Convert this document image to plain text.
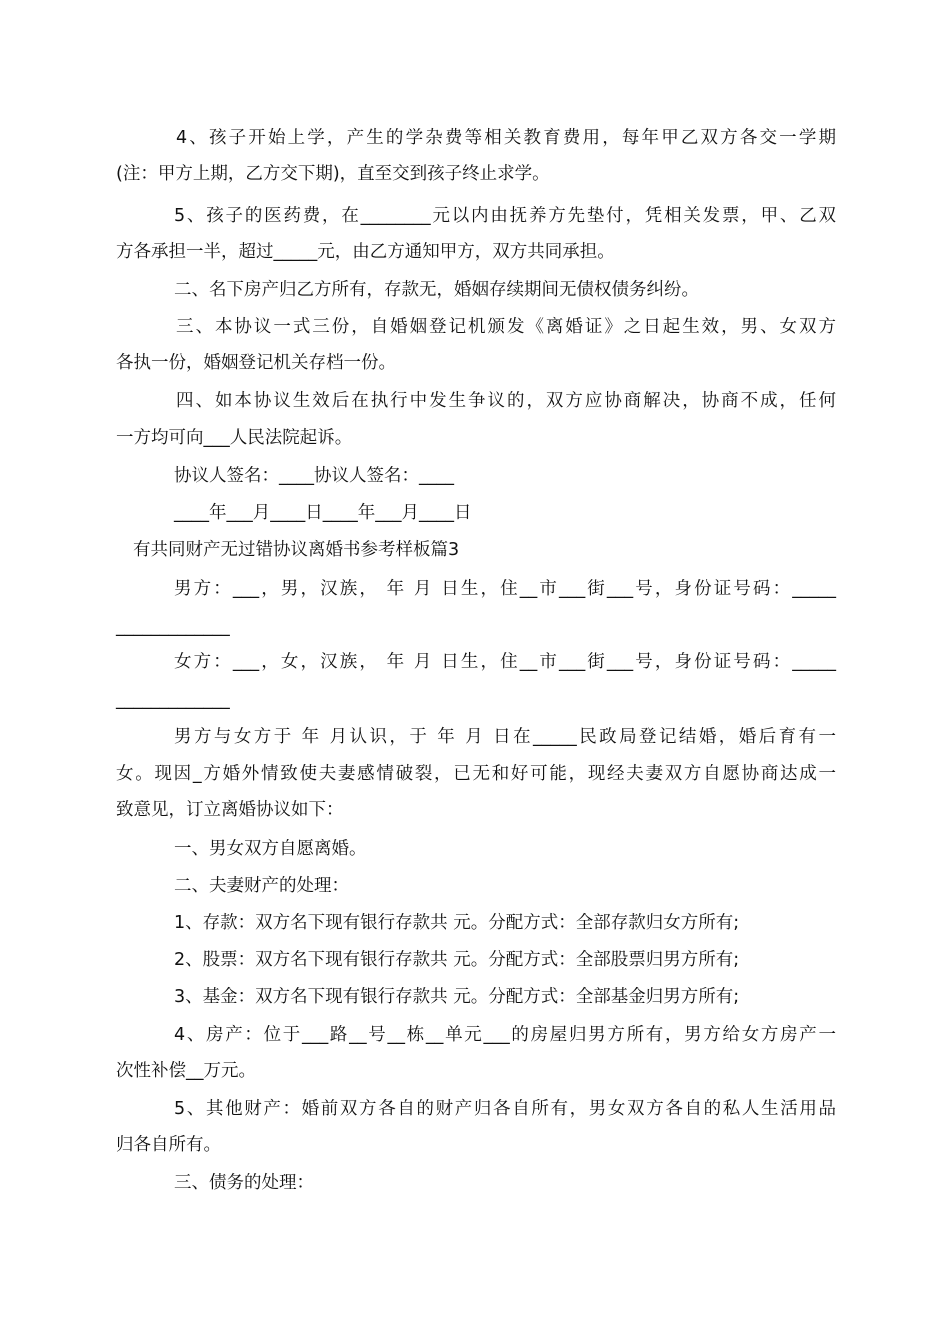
4、孩子开始上学，产生的学杂费等相关教育费用，每年甲乙双方各交一学期
(注：甲方上期，乙方交下期)，直至交到孩子终止求学。
5、孩子的医药费，在________元以内由抚养方先垫付，凭相关发票，甲、乙双
方各承担一半，超过_____元，由乙方通知甲方，双方共同承担。
二、名下房产归乙方所有，存款无，婚姻存续期间无债权债务纠纷。
三、本协议一式三份，自婚姻登记机颁发《离婚证》之日起生效，男、女双方
各执一份，婚姻登记机关存档一份。
四、如本协议生效后在执行中发生争议的，双方应协商解决，协商不成，任何
一方均可向___人民法院起诉。
协议人签名：____协议人签名：____
____年___月____日____年___月____日
有共同财产无过错协议离婚书参考样板篇3
男方：___，男，汉族， 年 月 日生，住__市___街___号，身份证号码：_____
_____________
女方：___，女，汉族， 年 月 日生，住__市___街___号，身份证号码：_____
_____________
男方与女方于 年 月认识，于 年 月 日在_____民政局登记结婚，婚后育有一
女。现因_方婚外情致使夫妻感情破裂，已无和好可能，现经夫妻双方自愿协商达成一
致意见，订立离婚协议如下：
一、男女双方自愿离婚。
二、夫妻财产的处理：
1、存款：双方名下现有银行存款共 元。分配方式：全部存款归女方所有;
2、股票：双方名下现有银行存款共 元。分配方式：全部股票归男方所有;
3、基金：双方名下现有银行存款共 元。分配方式：全部基金归男方所有;
4、房产：位于___路__号__栋__单元___的房屋归男方所有，男方给女方房产一
次性补偿__万元。
5、其他财产：婚前双方各自的财产归各自所有，男女双方各自的私人生活用品
归各自所有。
三、债务的处理：
